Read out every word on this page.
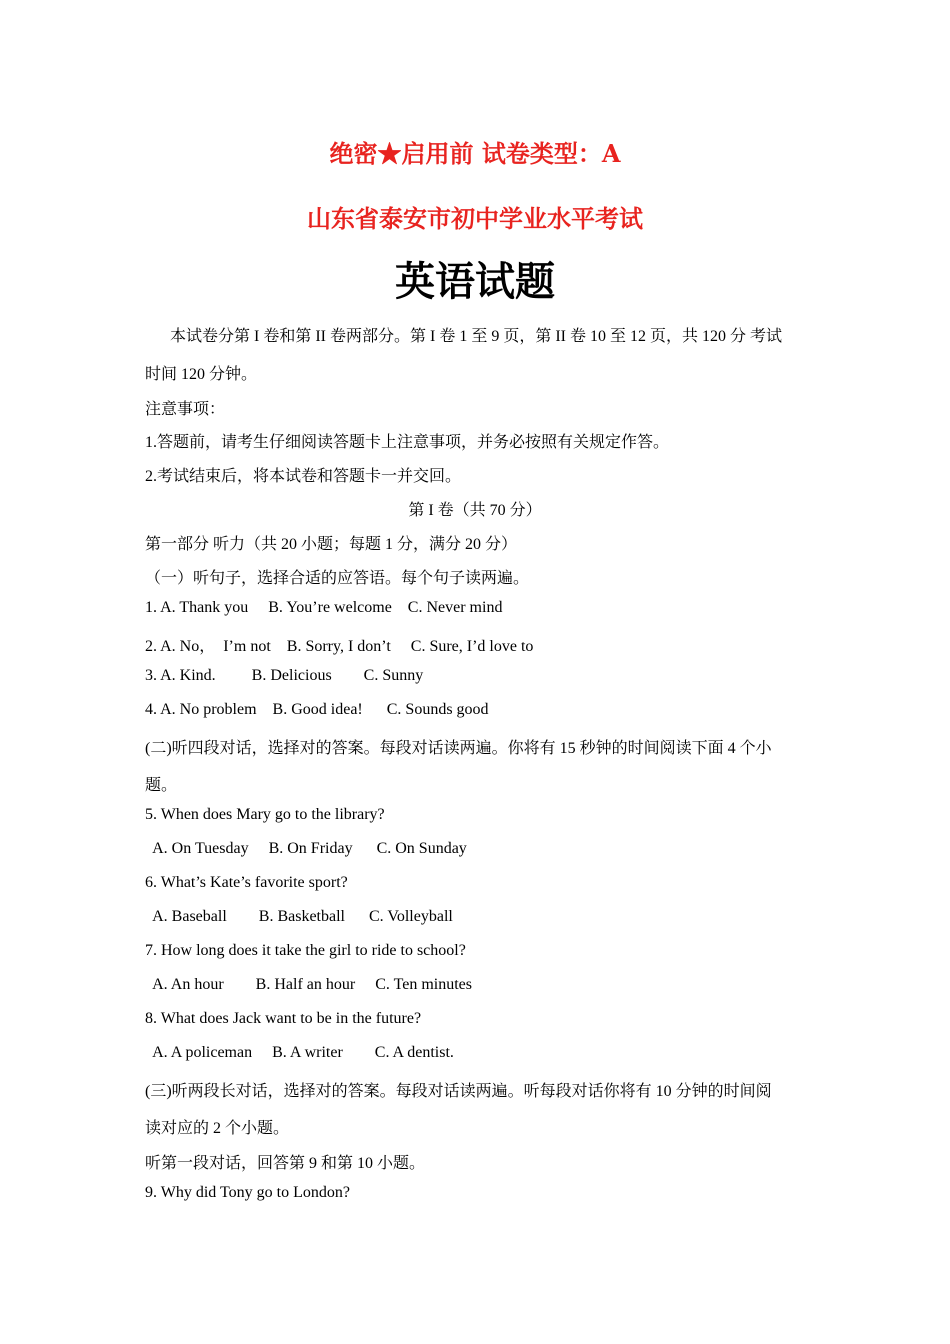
绝密★启用前 试卷类型：A
山东省泰安市初中学业水平考试
英语试题
本试卷分第 I 卷和第 II 卷两部分。第 I 卷 1 至 9 页，第 II 卷 10 至 12 页，共 120 分 考试
时间 120 分钟。
注意事项：
1.答题前，请考生仔细阅读答题卡上注意事项，并务必按照有关规定作答。
2.考试结束后，将本试卷和答题卡一并交回。
第 I 卷（共 70 分）
第一部分 听力（共 20 小题；每题 1 分，满分 20 分）
（一）听句子，选择合适的应答语。每个句子读两遍。
1. A. Thank you     B. You’re welcome    C. Never mind
2. A. No，  I’m not    B. Sorry, I don’t     C. Sure, I’d love to
3. A. Kind.         B. Delicious        C. Sunny
4. A. No problem    B. Good idea!      C. Sounds good
(二)听四段对话，选择对的答案。每段对话读两遍。你将有 15 秒钟的时间阅读下面 4 个小
题。
5. When does Mary go to the library?
A. On Tuesday     B. On Friday      C. On Sunday
6. What’s Kate’s favorite sport?
A. Baseball        B. Basketball      C. Volleyball
7. How long does it take the girl to ride to school?
A. An hour        B. Half an hour     C. Ten minutes
8. What does Jack want to be in the future?
A. A policeman     B. A writer        C. A dentist.
(三)听两段长对话，选择对的答案。每段对话读两遍。听每段对话你将有 10 分钟的时间阅
读对应的 2 个小题。
听第一段对话，回答第 9 和第 10 小题。
9. Why did Tony go to London?
